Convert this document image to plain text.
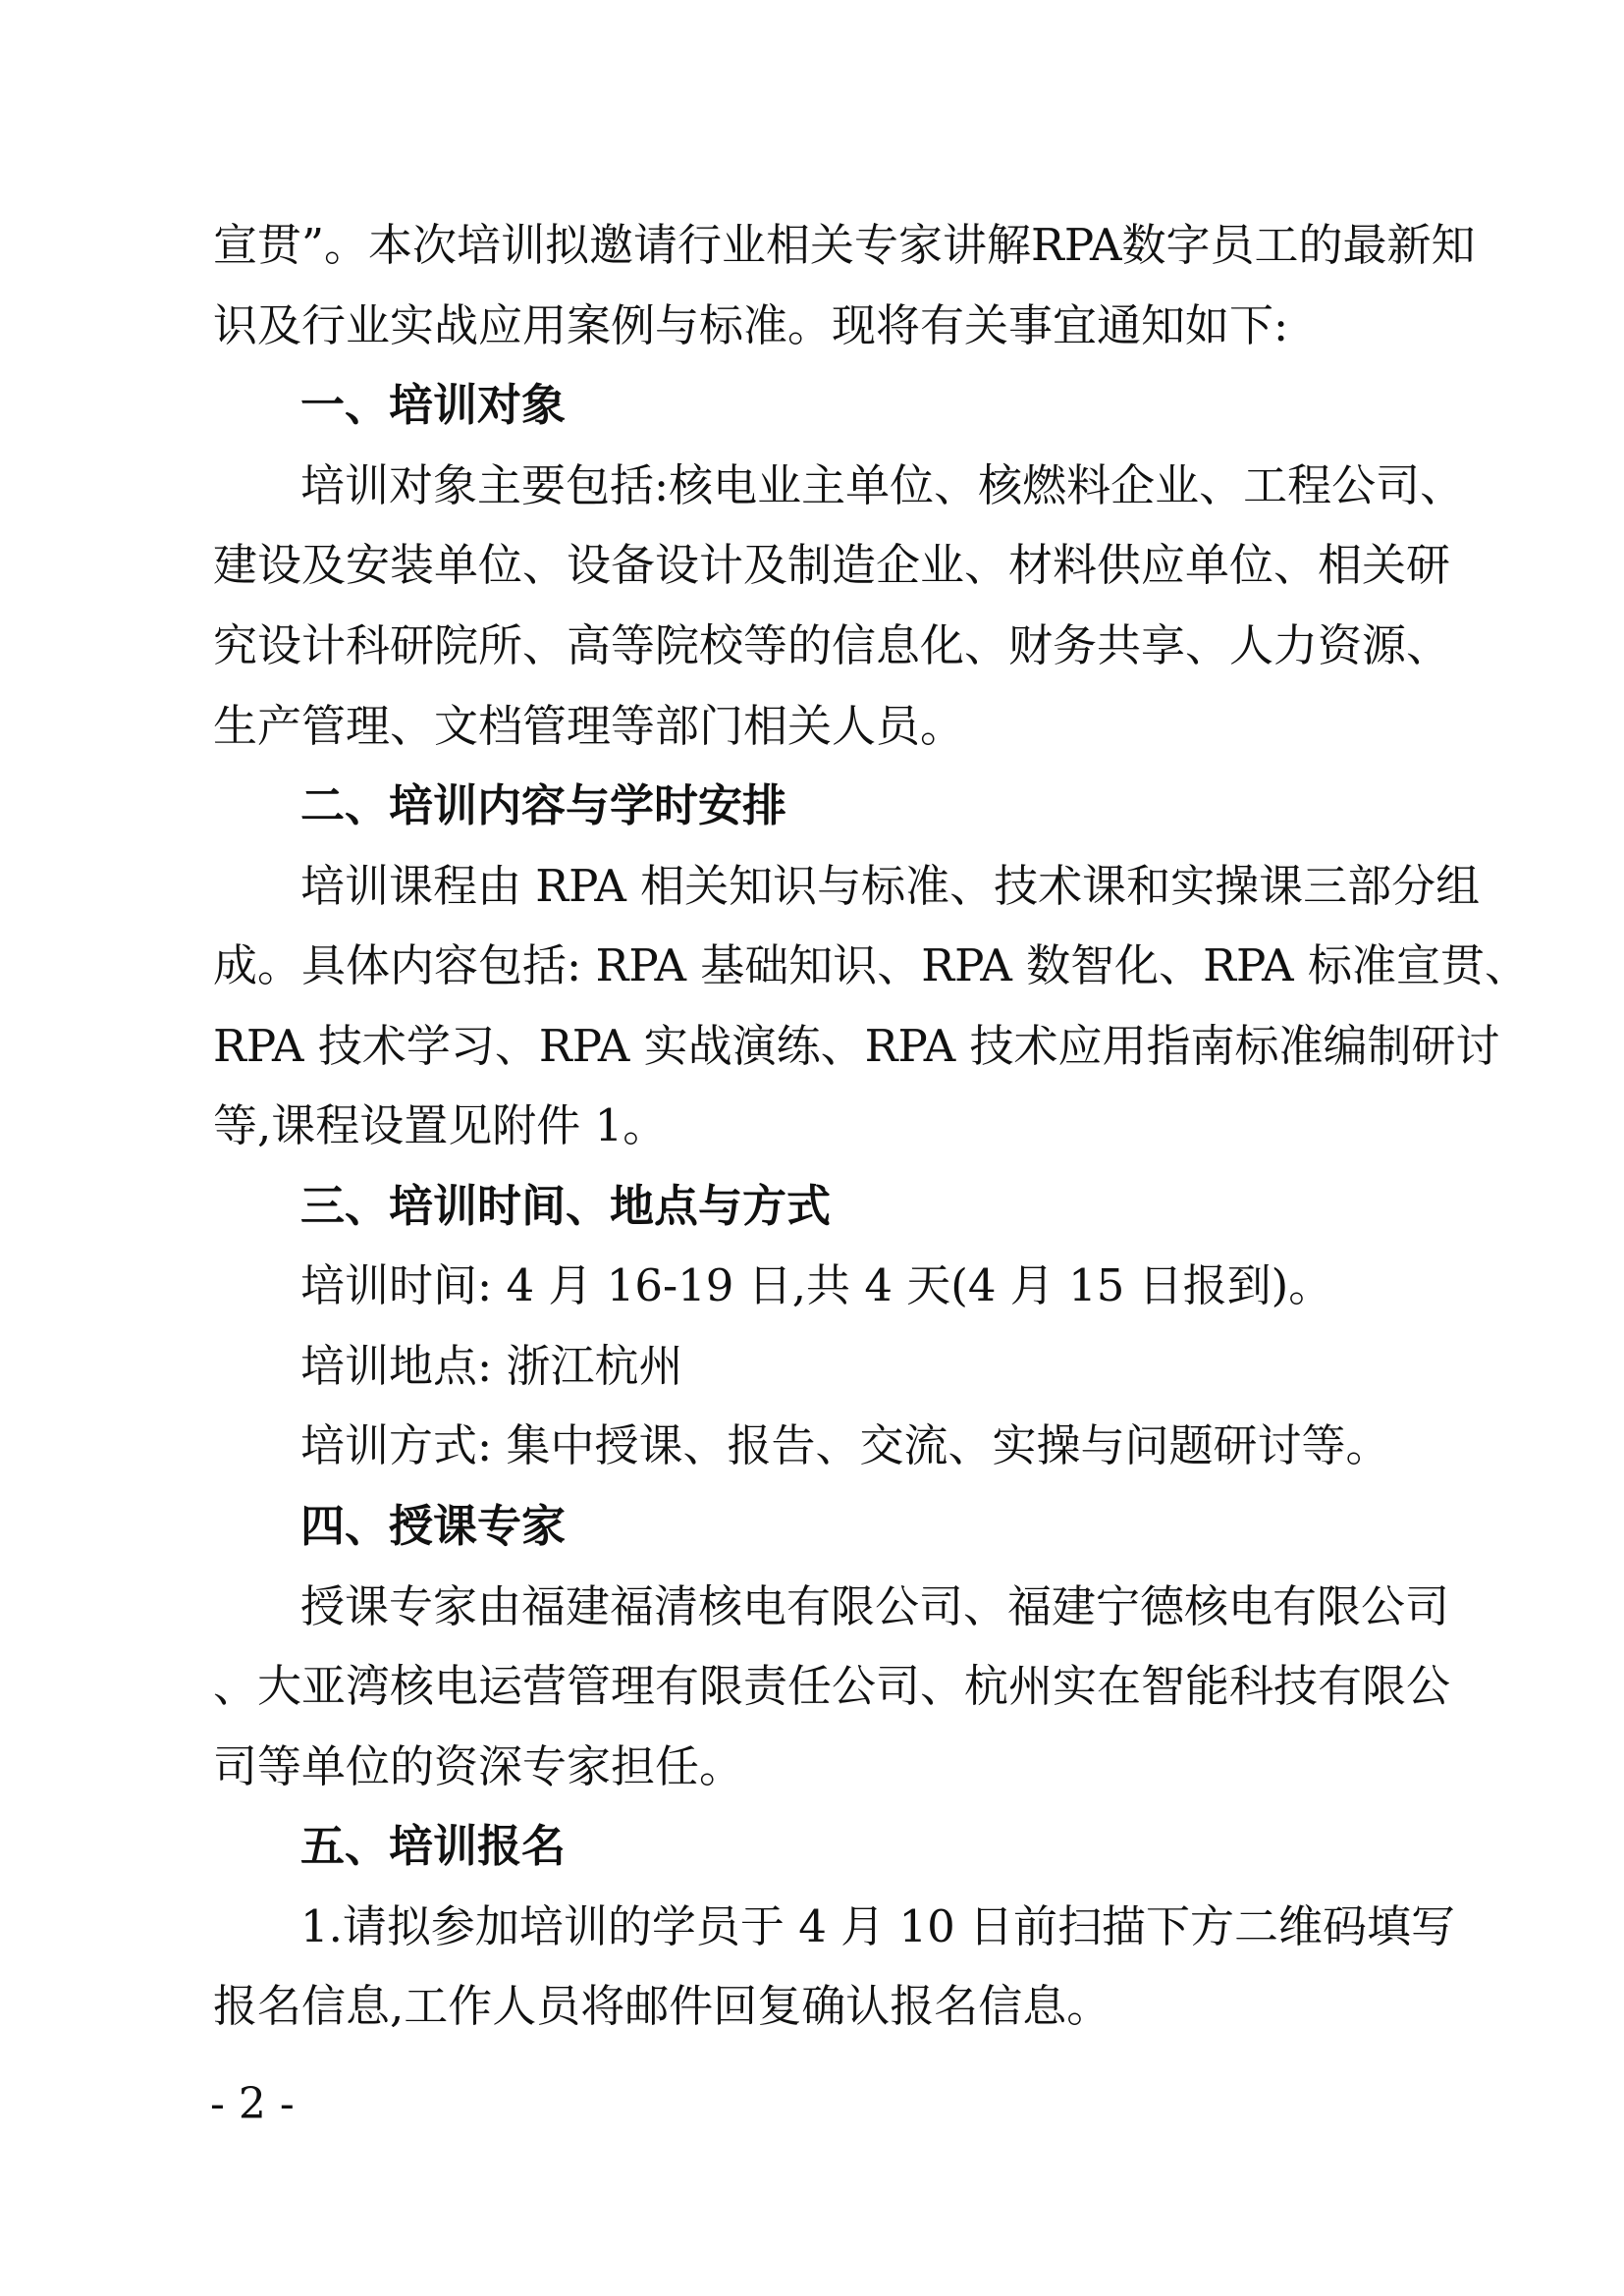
宣贯”。本次培训拟邀请行业相关专家讲解RPA数字员工的最新知
识及行业实战应用案例与标准。现将有关事宜通知如下:
一、培训对象
培训对象主要包括:核电业主单位、核燃料企业、工程公司、
建设及安装单位、设备设计及制造企业、材料供应单位、相关研
究设计科研院所、高等院校等的信息化、财务共享、人力资源、
生产管理、文档管理等部门相关人员。
二、培训内容与学时安排
培训课程由 RPA 相关知识与标准、技术课和实操课三部分组
成。具体内容包括: RPA 基础知识、RPA 数智化、RPA 标准宣贯、
RPA 技术学习、RPA 实战演练、RPA 技术应用指南标准编制研讨
等,课程设置见附件 1。
三、培训时间、地点与方式
培训时间: 4 月 16-19 日,共 4 天(4 月 15 日报到)。
培训地点: 浙江杭州
培训方式: 集中授课、报告、交流、实操与问题研讨等。
四、授课专家
授课专家由福建福清核电有限公司、福建宁德核电有限公司
、大亚湾核电运营管理有限责任公司、杭州实在智能科技有限公
司等单位的资深专家担任。
五、培训报名
1.请拟参加培训的学员于 4 月 10 日前扫描下方二维码填写
报名信息,工作人员将邮件回复确认报名信息。
- 2 -
